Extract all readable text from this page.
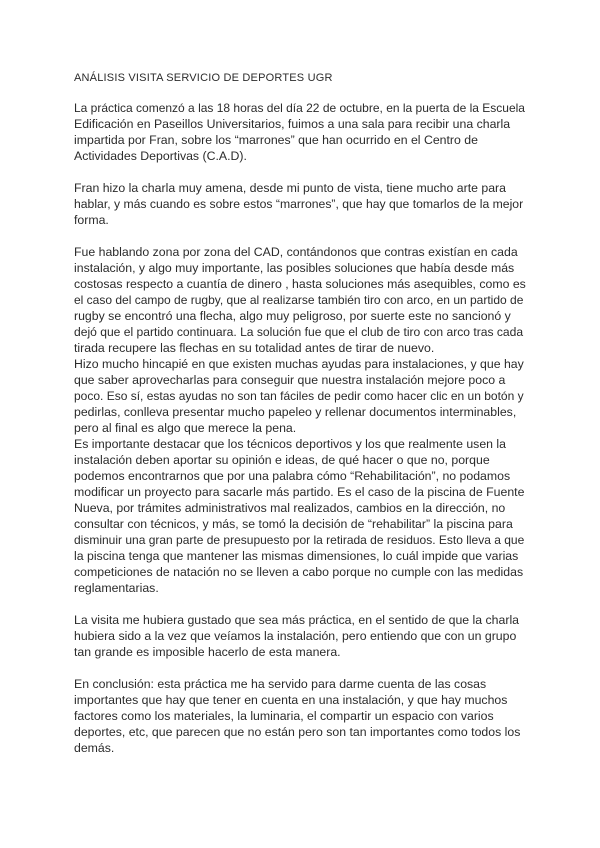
ANÁLISIS VISITA SERVICIO DE DEPORTES UGR

La práctica comenzó a las 18 horas del día 22 de octubre, en la puerta de la Escuela

Edificación en Paseillos Universitarios, fuimos a una sala para recibir una charla

impartida por Fran, sobre los “marrones” que han ocurrido en el Centro de

Actividades Deportivas (C.A.D).

Fran hizo la charla muy amena, desde mi punto de vista, tiene mucho arte para

hablar, y más cuando es sobre estos “marrones”, que hay que tomarlos de la mejor

forma.

Fue hablando zona por zona del CAD, contándonos que contras existían en cada

instalación, y algo muy importante, las posibles soluciones que había desde más

costosas respecto a cuantía de dinero , hasta soluciones más asequibles, como es

el caso del campo de rugby, que al realizarse también tiro con arco, en un partido de

rugby se encontró una flecha, algo muy peligroso, por suerte este no sancionó y

dejó que el partido continuara. La solución fue que el club de tiro con arco tras cada

tirada recupere las flechas en su totalidad antes de tirar de nuevo.

Hizo mucho hincapié en que existen muchas ayudas para instalaciones, y que hay

que saber aprovecharlas para conseguir que nuestra instalación mejore poco a

poco. Eso sí, estas ayudas no son tan fáciles de pedir como hacer clic en un botón y

pedirlas, conlleva presentar mucho papeleo y rellenar documentos interminables,

pero al final es algo que merece la pena.

Es importante destacar que los técnicos deportivos y los que realmente usen la

instalación deben aportar su opinión e ideas, de qué hacer o que no, porque

podemos encontrarnos que por una palabra cómo “Rehabilitación”, no podamos

modificar un proyecto para sacarle más partido. Es el caso de la piscina de Fuente

Nueva, por trámites administrativos mal realizados, cambios en la dirección, no

consultar con técnicos, y más, se tomó la decisión de “rehabilitar” la piscina para

disminuir una gran parte de presupuesto por la retirada de residuos. Esto lleva a que

la piscina tenga que mantener las mismas dimensiones, lo cuál impide que varias

competiciones de natación no se lleven a cabo porque no cumple con las medidas

reglamentarias.

La visita me hubiera gustado que sea más práctica, en el sentido de que la charla

hubiera sido a la vez que veíamos la instalación, pero entiendo que con un grupo

tan grande es imposible hacerlo de esta manera.

En conclusión: esta práctica me ha servido para darme cuenta de las cosas

importantes que hay que tener en cuenta en una instalación, y que hay muchos

factores como los materiales, la luminaria, el compartir un espacio con varios

deportes, etc, que parecen que no están pero son tan importantes como todos los

demás.
